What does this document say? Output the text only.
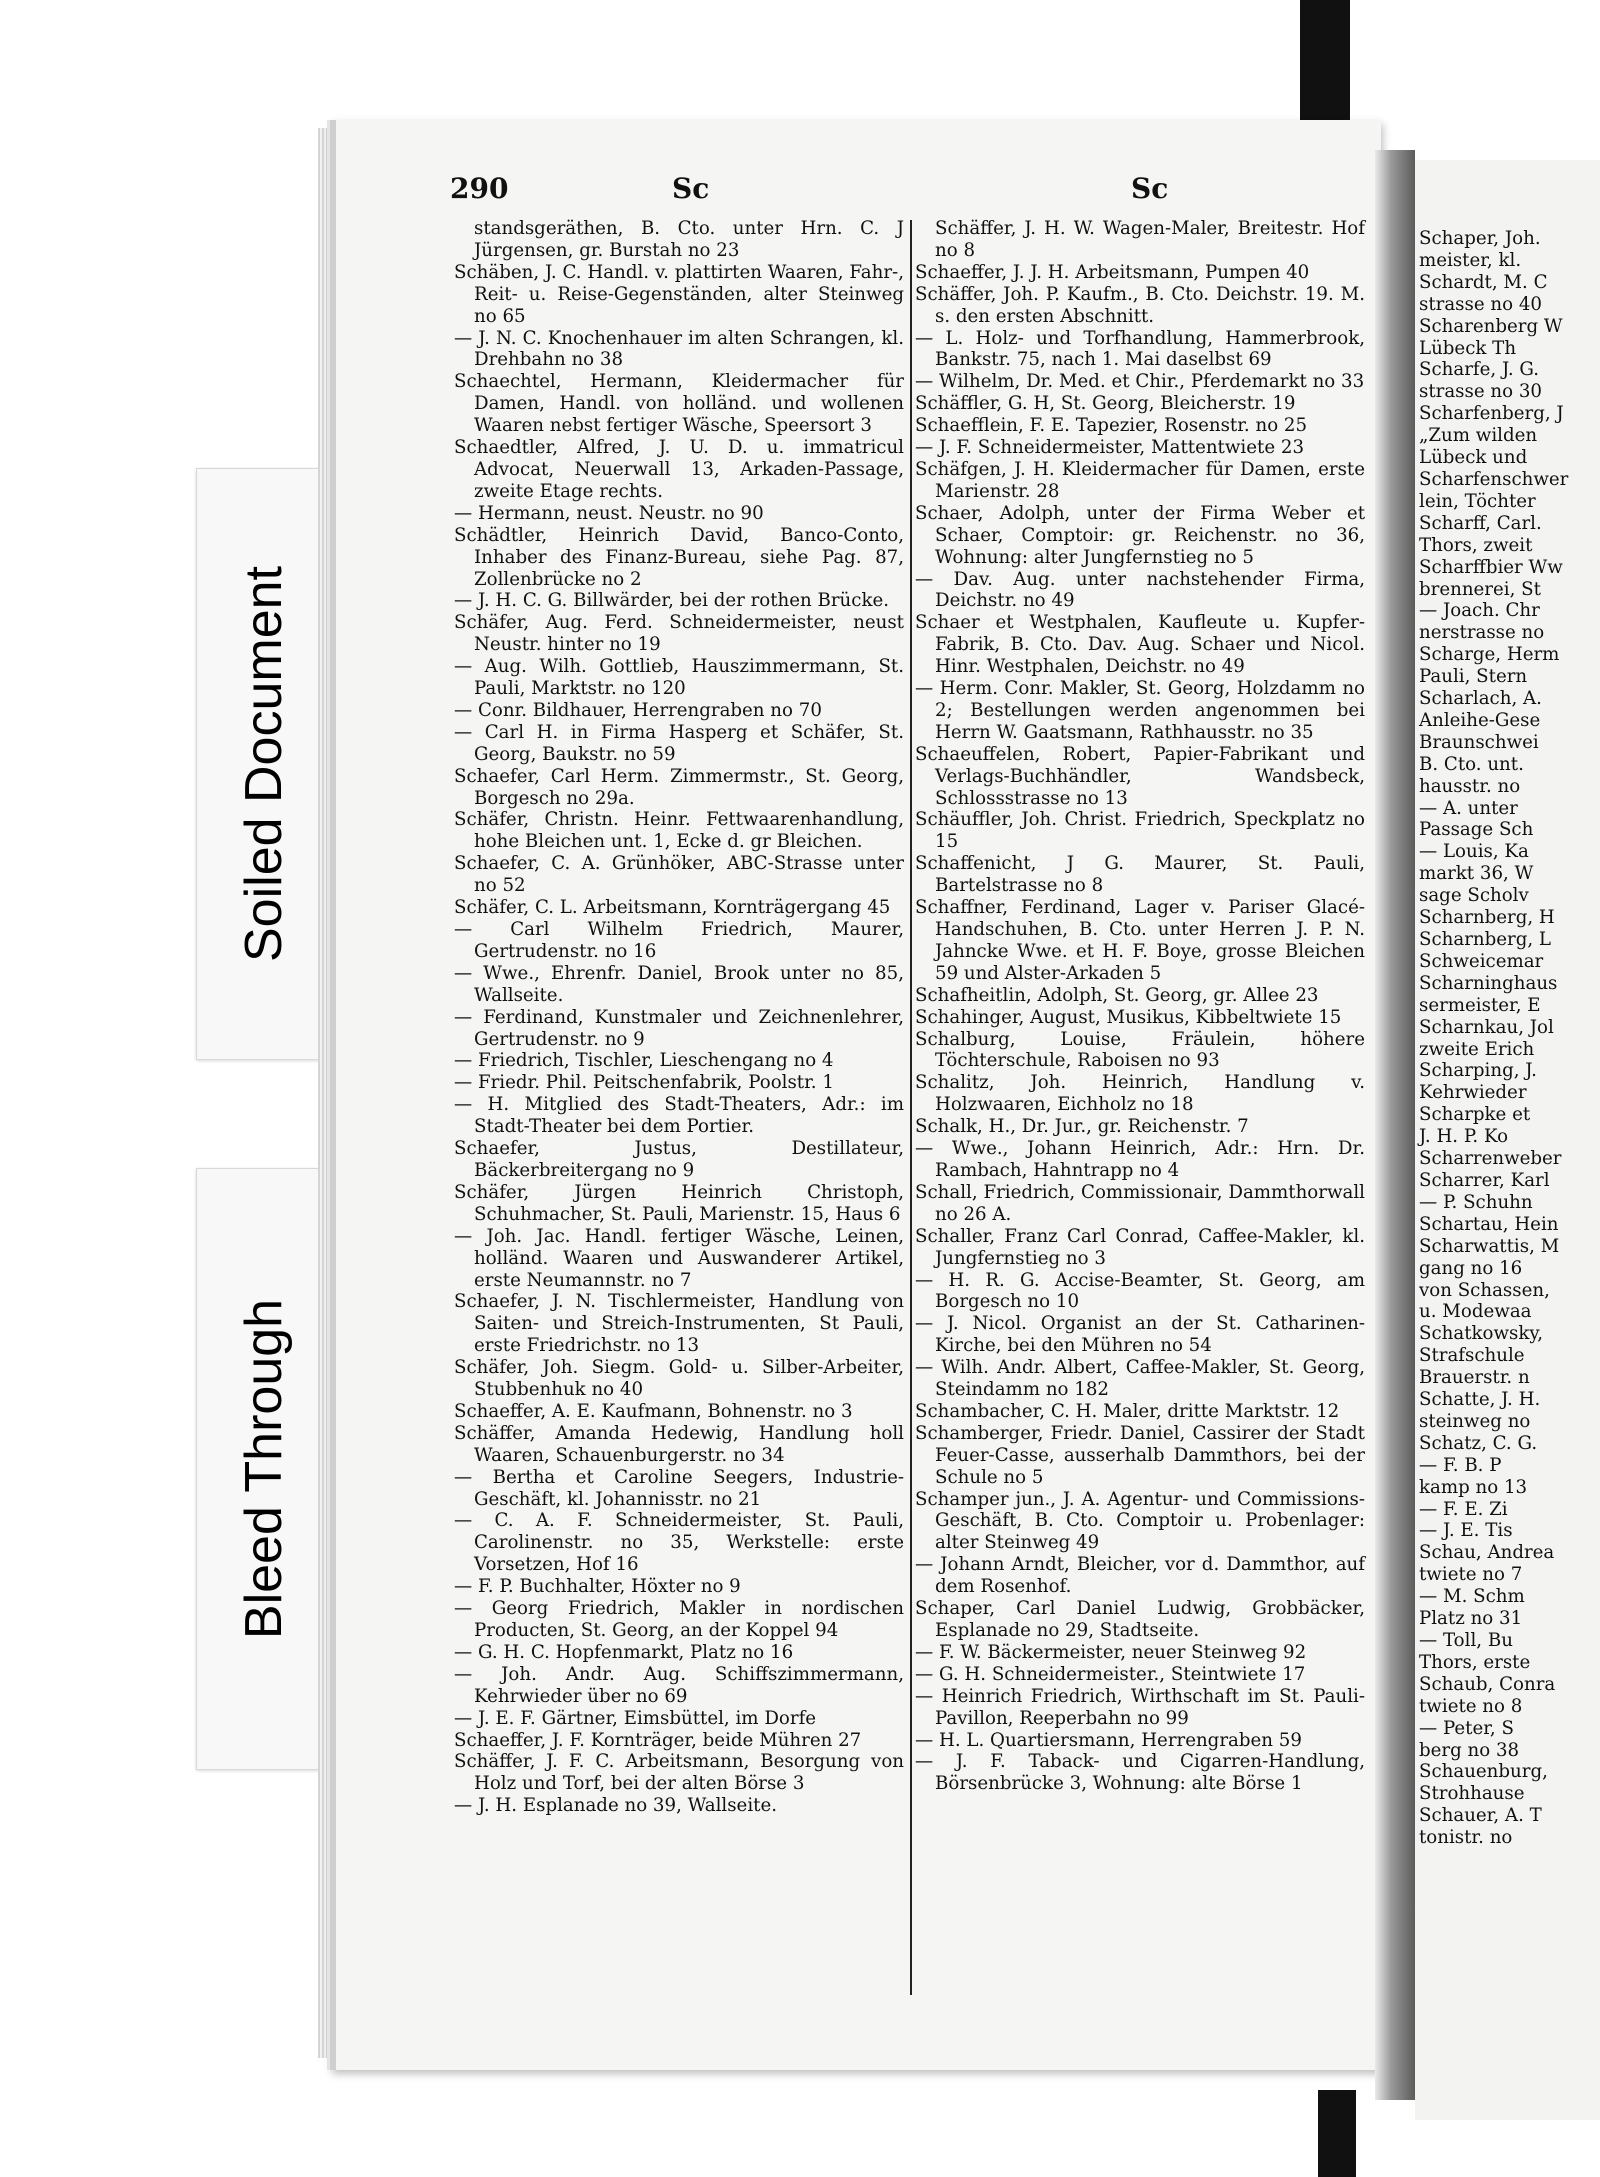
Soiled Document
Bleed Through
Schaper, Joh.
meister, kl.
Schardt, M. C
strasse no 40
Scharenberg W
Lübeck Th
Scharfe, J. G.
strasse no 30
Scharfenberg, J
„Zum wilden
Lübeck und
Scharfenschwer
lein, Töchter
Scharff, Carl.
Thors, zweit
Scharffbier Ww
brennerei, St
— Joach. Chr
nerstrasse no
Scharge, Herm
Pauli, Stern
Scharlach, A.
Anleihe-Gese
Braunschwei
B. Cto. unt.
hausstr. no
— A. unter
Passage Sch
— Louis, Ka
markt 36, W
sage Scholv
Scharnberg, H
Scharnberg, L
Schweicemar
Scharninghaus
sermeister, E
Scharnkau, Jol
zweite Erich
Scharping, J.
Kehrwieder
Scharpke et
J. H. P. Ko
Scharrenweber
Scharrer, Karl
— P. Schuhn
Schartau, Hein
Scharwattis, M
gang no 16
von Schassen,
u. Modewaa
Schatkowsky,
Strafschule
Brauerstr. n
Schatte, J. H.
steinweg no
Schatz, C. G.
— F. B. P
kamp no 13
— F. E. Zi
— J. E. Tis
Schau, Andrea
twiete no 7
— M. Schm
Platz no 31
— Toll, Bu
Thors, erste
Schaub, Conra
twiete no 8
— Peter, S
berg no 38
Schauenburg,
Strohhause
Schauer, A. T
tonistr. no
290	Sc	Sc

standsgeräthen, B. Cto. unter Hrn. C. J Jürgensen, gr. Burstah no 23

Schäben, J. C. Handl. v. plattirten Waaren, Fahr-, Reit- u. Reise-Gegenständen, alter Steinweg no 65

— J. N. C. Knochenhauer im alten Schrangen, kl. Drehbahn no 38

Schaechtel, Hermann, Kleidermacher für Damen, Handl. von holländ. und wollenen Waaren nebst fertiger Wäsche, Speersort 3

Schaedtler, Alfred, J. U. D. u. immatricul Advocat, Neuerwall 13, Arkaden-Passage, zweite Etage rechts.

— Hermann, neust. Neustr. no 90

Schädtler, Heinrich David, Banco-Conto, Inhaber des Finanz-Bureau, siehe Pag. 87, Zollenbrücke no 2

— J. H. C. G. Billwärder, bei der rothen Brücke.

Schäfer, Aug. Ferd. Schneidermeister, neust Neustr. hinter no 19

— Aug. Wilh. Gottlieb, Hauszimmermann, St. Pauli, Marktstr. no 120

— Conr. Bildhauer, Herrengraben no 70

— Carl H. in Firma Hasperg et Schäfer, St. Georg, Baukstr. no 59

Schaefer, Carl Herm. Zimmermstr., St. Georg, Borgesch no 29a.

Schäfer, Christn. Heinr. Fettwaarenhandlung, hohe Bleichen unt. 1, Ecke d. gr Bleichen.

Schaefer, C. A. Grünhöker, ABC-Strasse unter no 52

Schäfer, C. L. Arbeitsmann, Kornträgergang 45

— Carl Wilhelm Friedrich, Maurer, Gertrudenstr. no 16

— Wwe., Ehrenfr. Daniel, Brook unter no 85, Wallseite.

— Ferdinand, Kunstmaler und Zeichnenlehrer, Gertrudenstr. no 9

— Friedrich, Tischler, Lieschengang no 4

— Friedr. Phil. Peitschenfabrik, Poolstr. 1

— H. Mitglied des Stadt-Theaters, Adr.: im Stadt-Theater bei dem Portier.

Schaefer, Justus, Destillateur, Bäckerbreitergang no 9

Schäfer, Jürgen Heinrich Christoph, Schuhmacher, St. Pauli, Marienstr. 15, Haus 6

— Joh. Jac. Handl. fertiger Wäsche, Leinen, holländ. Waaren und Auswanderer Artikel, erste Neumannstr. no 7

Schaefer, J. N. Tischlermeister, Handlung von Saiten- und Streich-Instrumenten, St Pauli, erste Friedrichstr. no 13

Schäfer, Joh. Siegm. Gold- u. Silber-Arbeiter, Stubbenhuk no 40

Schaeffer, A. E. Kaufmann, Bohnenstr. no 3

Schäffer, Amanda Hedewig, Handlung holl Waaren, Schauenburgerstr. no 34

— Bertha et Caroline Seegers, Industrie-Geschäft, kl. Johannisstr. no 21

— C. A. F. Schneidermeister, St. Pauli, Carolinenstr. no 35, Werkstelle: erste Vorsetzen, Hof 16

— F. P. Buchhalter, Höxter no 9

— Georg Friedrich, Makler in nordischen Producten, St. Georg, an der Koppel 94

— G. H. C. Hopfenmarkt, Platz no 16

— Joh. Andr. Aug. Schiffszimmermann, Kehrwieder über no 69

— J. E. F. Gärtner, Eimsbüttel, im Dorfe

Schaeffer, J. F. Kornträger, beide Mühren 27

Schäffer, J. F. C. Arbeitsmann, Besorgung von Holz und Torf, bei der alten Börse 3

— J. H. Esplanade no 39, Wallseite.

Schäffer, J. H. W. Wagen-Maler, Breitestr. Hof no 8

Schaeffer, J. J. H. Arbeitsmann, Pumpen 40

Schäffer, Joh. P. Kaufm., B. Cto. Deichstr. 19. M. s. den ersten Abschnitt.

— L. Holz- und Torfhandlung, Hammerbrook, Bankstr. 75, nach 1. Mai daselbst 69

— Wilhelm, Dr. Med. et Chir., Pferdemarkt no 33

Schäffler, G. H, St. Georg, Bleicherstr. 19

Schaefflein, F. E. Tapezier, Rosenstr. no 25

— J. F. Schneidermeister, Mattentwiete 23

Schäfgen, J. H. Kleidermacher für Damen, erste Marienstr. 28

Schaer, Adolph, unter der Firma Weber et Schaer, Comptoir: gr. Reichenstr. no 36, Wohnung: alter Jungfernstieg no 5

— Dav. Aug. unter nachstehender Firma, Deichstr. no 49

Schaer et Westphalen, Kaufleute u. Kupfer-Fabrik, B. Cto. Dav. Aug. Schaer und Nicol. Hinr. Westphalen, Deichstr. no 49

— Herm. Conr. Makler, St. Georg, Holzdamm no 2; Bestellungen werden angenommen bei Herrn W. Gaatsmann, Rathhausstr. no 35

Schaeuffelen, Robert, Papier-Fabrikant und Verlags-Buchhändler, Wandsbeck, Schlossstrasse no 13

Schäuffler, Joh. Christ. Friedrich, Speckplatz no 15

Schaffenicht, J G. Maurer, St. Pauli, Bartelstrasse no 8

Schaffner, Ferdinand, Lager v. Pariser Glacé-Handschuhen, B. Cto. unter Herren J. P. N. Jahncke Wwe. et H. F. Boye, grosse Bleichen 59 und Alster-Arkaden 5

Schafheitlin, Adolph, St. Georg, gr. Allee 23

Schahinger, August, Musikus, Kibbeltwiete 15

Schalburg, Louise, Fräulein, höhere Töchterschule, Raboisen no 93

Schalitz, Joh. Heinrich, Handlung v. Holzwaaren, Eichholz no 18

Schalk, H., Dr. Jur., gr. Reichenstr. 7

— Wwe., Johann Heinrich, Adr.: Hrn. Dr. Rambach, Hahntrapp no 4

Schall, Friedrich, Commissionair, Dammthorwall no 26 A.

Schaller, Franz Carl Conrad, Caffee-Makler, kl. Jungfernstieg no 3

— H. R. G. Accise-Beamter, St. Georg, am Borgesch no 10

— J. Nicol. Organist an der St. Catharinen-Kirche, bei den Mühren no 54

— Wilh. Andr. Albert, Caffee-Makler, St. Georg, Steindamm no 182

Schambacher, C. H. Maler, dritte Marktstr. 12

Schamberger, Friedr. Daniel, Cassirer der Stadt Feuer-Casse, ausserhalb Dammthors, bei der Schule no 5

Schamper jun., J. A. Agentur- und Commissions-Geschäft, B. Cto. Comptoir u. Probenlager: alter Steinweg 49

— Johann Arndt, Bleicher, vor d. Dammthor, auf dem Rosenhof.

Schaper, Carl Daniel Ludwig, Grobbäcker, Esplanade no 29, Stadtseite.

— F. W. Bäckermeister, neuer Steinweg 92

— G. H. Schneidermeister., Steintwiete 17

— Heinrich Friedrich, Wirthschaft im St. Pauli-Pavillon, Reeperbahn no 99

— H. L. Quartiersmann, Herrengraben 59

— J. F. Taback- und Cigarren-Handlung, Börsenbrücke 3, Wohnung: alte Börse 1
